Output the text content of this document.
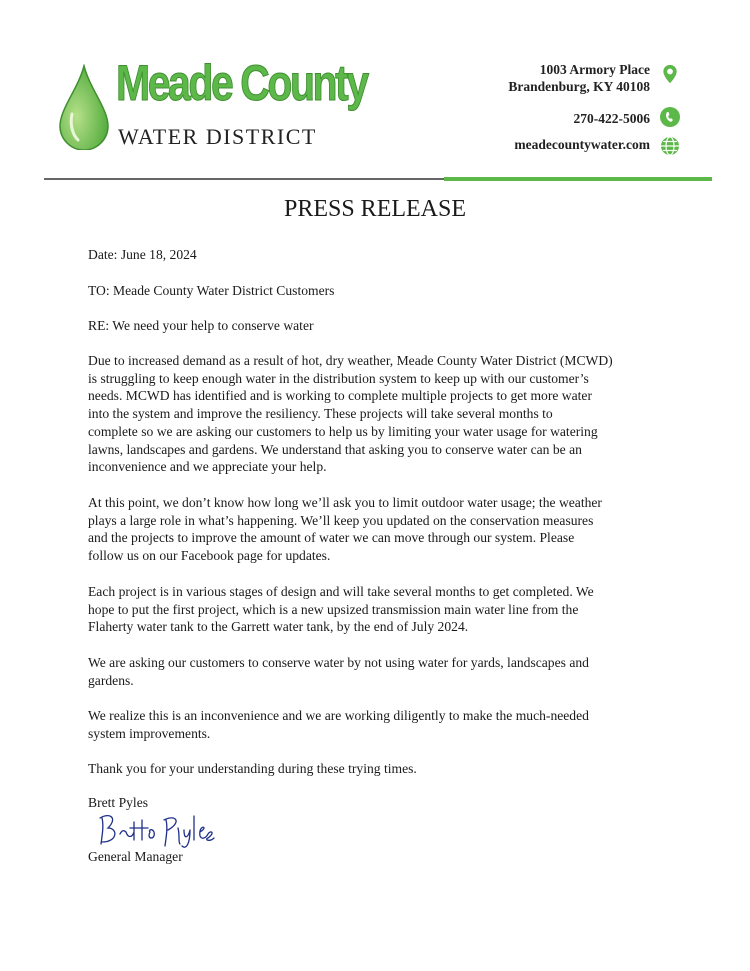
Meade County
WATER DISTRICT
1003 Armory Place
Brandenburg, KY 40108
270-422-5006
meadecountywater.com
PRESS RELEASE
Date: June 18, 2024
TO: Meade County Water District Customers
RE: We need your help to conserve water
Due to increased demand as a result of hot, dry weather, Meade County Water District (MCWD)
is struggling to keep enough water in the distribution system to keep up with our customer’s
needs. MCWD has identified and is working to complete multiple projects to get more water
into the system and improve the resiliency. These projects will take several months to
complete so we are asking our customers to help us by limiting your water usage for watering
lawns, landscapes and gardens. We understand that asking you to conserve water can be an
inconvenience and we appreciate your help.
At this point, we don’t know how long we’ll ask you to limit outdoor water usage; the weather
plays a large role in what’s happening. We’ll keep you updated on the conservation measures
and the projects to improve the amount of water we can move through our system. Please
follow us on our Facebook page for updates.
Each project is in various stages of design and will take several months to get completed. We
hope to put the first project, which is a new upsized transmission main water line from the
Flaherty water tank to the Garrett water tank, by the end of July 2024.
We are asking our customers to conserve water by not using water for yards, landscapes and
gardens.
We realize this is an inconvenience and we are working diligently to make the much-needed
system improvements.
Thank you for your understanding during these trying times.
Brett Pyles
General Manager
